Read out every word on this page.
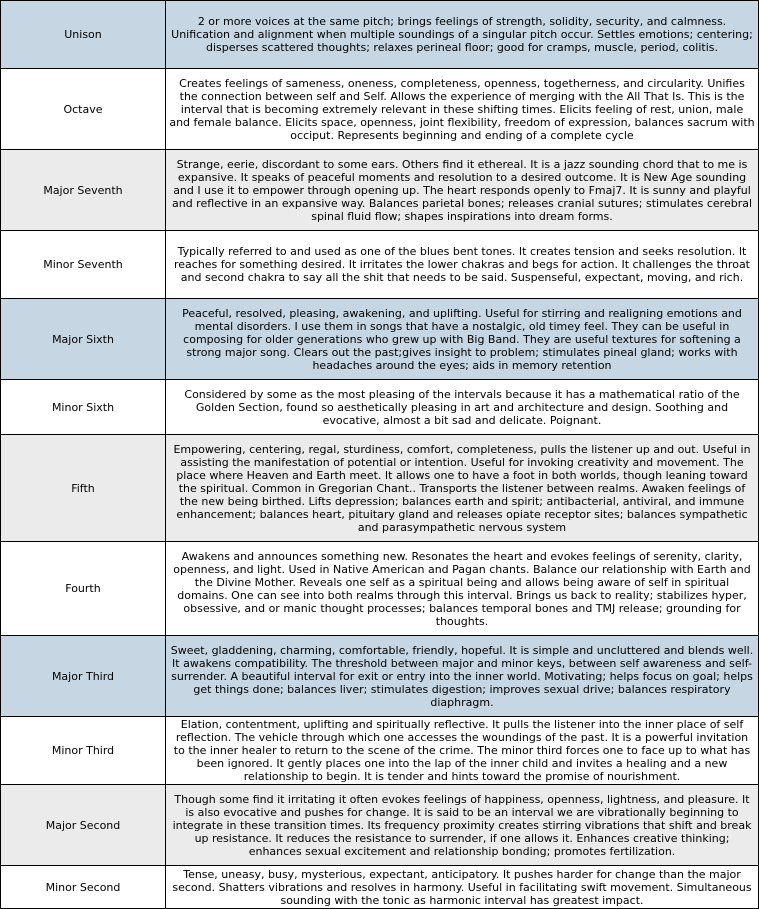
Unison	2 or more voices at the same pitch; brings feelings of strength, solidity, security, and calmness. Unification and alignment when multiple soundings of a singular pitch occur. Settles emotions; centering; disperses scattered thoughts; relaxes perineal floor; good for cramps, muscle, period, colitis.
Octave	Creates feelings of sameness, oneness, completeness, openness, togetherness, and circularity. Unifies the connection between self and Self. Allows the experience of merging with the All That Is. This is the interval that is becoming extremely relevant in these shifting times. Elicits feeling of rest, union, male and female balance. Elicits space, openness, joint flexibility, freedom of expression, balances sacrum with occiput. Represents beginning and ending of a complete cycle
Major Seventh	Strange, eerie, discordant to some ears. Others find it ethereal. It is a jazz sounding chord that to me is expansive. It speaks of peaceful moments and resolution to a desired outcome. It is New Age sounding and I use it to empower through opening up. The heart responds openly to Fmaj7. It is sunny and playful and reflective in an expansive way. Balances parietal bones; releases cranial sutures; stimulates cerebral spinal fluid flow; shapes inspirations into dream forms.
Minor Seventh	Typically referred to and used as one of the blues bent tones. It creates tension and seeks resolution. It reaches for something desired. It irritates the lower chakras and begs for action. It challenges the throat and second chakra to say all the shit that needs to be said. Suspenseful, expectant, moving, and rich.
Major Sixth	Peaceful, resolved, pleasing, awakening, and uplifting. Useful for stirring and realigning emotions and mental disorders. I use them in songs that have a nostalgic, old timey feel. They can be useful in composing for older generations who grew up with Big Band. They are useful textures for softening a strong major song. Clears out the past;gives insight to problem; stimulates pineal gland; works with headaches around the eyes; aids in memory retention
Minor Sixth	Considered by some as the most pleasing of the intervals because it has a mathematical ratio of the Golden Section, found so aesthetically pleasing in art and architecture and design. Soothing and evocative, almost a bit sad and delicate. Poignant.
Fifth	Empowering, centering, regal, sturdiness, comfort, completeness, pulls the listener up and out. Useful in assisting the manifestation of potential or intention. Useful for invoking creativity and movement. The place where Heaven and Earth meet. It allows one to have a foot in both worlds, though leaning toward the spiritual. Common in Gregorian Chant.. Transports the listener between realms. Awaken feelings of the new being birthed. Lifts depression; balances earth and spirit; antibacterial, antiviral, and immune enhancement; balances heart, pituitary gland and releases opiate receptor sites; balances sympathetic and parasympathetic nervous system
Fourth	Awakens and announces something new. Resonates the heart and evokes feelings of serenity, clarity, openness, and light. Used in Native American and Pagan chants. Balance our relationship with Earth and the Divine Mother. Reveals one self as a spiritual being and allows being aware of self in spiritual domains. One can see into both realms through this interval. Brings us back to reality; stabilizes hyper, obsessive, and or manic thought processes; balances temporal bones and TMJ release; grounding for thoughts.
Major Third	Sweet, gladdening, charming, comfortable, friendly, hopeful. It is simple and uncluttered and blends well. It awakens compatibility. The threshold between major and minor keys, between self awareness and self-surrender. A beautiful interval for exit or entry into the inner world. Motivating; helps focus on goal; helps get things done; balances liver; stimulates digestion; improves sexual drive; balances respiratory diaphragm.
Minor Third	Elation, contentment, uplifting and spiritually reflective. It pulls the listener into the inner place of self reflection. The vehicle through which one accesses the woundings of the past. It is a powerful invitation to the inner healer to return to the scene of the crime. The minor third forces one to face up to what has been ignored. It gently places one into the lap of the inner child and invites a healing and a new relationship to begin. It is tender and hints toward the promise of nourishment.
Major Second	Though some find it irritating it often evokes feelings of happiness, openness, lightness, and pleasure. It is also evocative and pushes for change. It is said to be an interval we are vibrationally beginning to integrate in these transition times. Its frequency proximity creates stirring vibrations that shift and break up resistance. It reduces the resistance to surrender, if one allows it. Enhances creative thinking; enhances sexual excitement and relationship bonding; promotes fertilization.
Minor Second	Tense, uneasy, busy, mysterious, expectant, anticipatory. It pushes harder for change than the major second. Shatters vibrations and resolves in harmony. Useful in facilitating swift movement. Simultaneous sounding with the tonic as harmonic interval has greatest impact.
